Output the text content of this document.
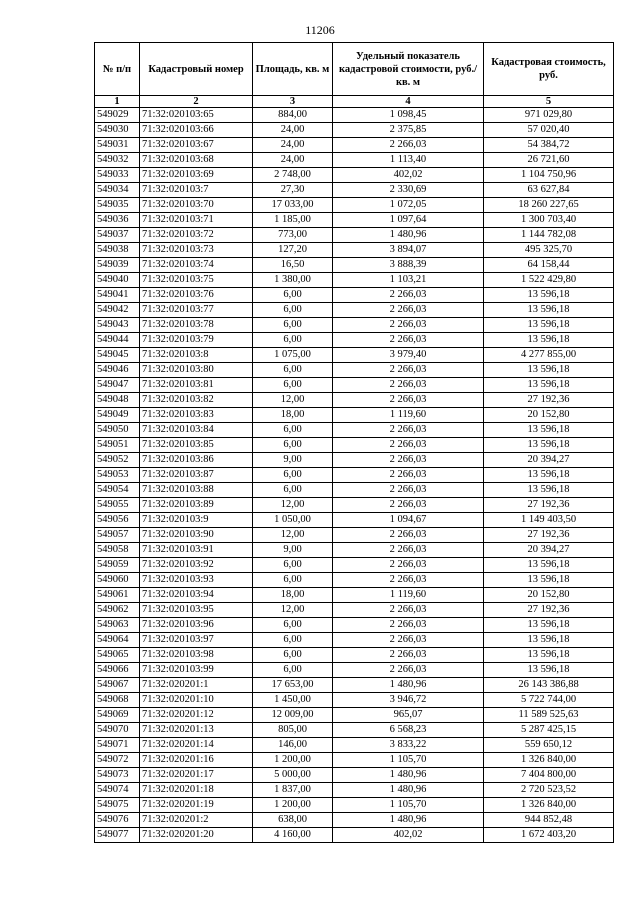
11206
№ п/п	Кадастровый номер	Площадь, кв. м	Удельный показатель кадастровой стоимости, руб./кв. м	Кадастровая стоимость, руб.
1	2	3	4	5
549029	71:32:020103:65	884,00	1 098,45	971 029,80
549030	71:32:020103:66	24,00	2 375,85	57 020,40
549031	71:32:020103:67	24,00	2 266,03	54 384,72
549032	71:32:020103:68	24,00	1 113,40	26 721,60
549033	71:32:020103:69	2 748,00	402,02	1 104 750,96
549034	71:32:020103:7	27,30	2 330,69	63 627,84
549035	71:32:020103:70	17 033,00	1 072,05	18 260 227,65
549036	71:32:020103:71	1 185,00	1 097,64	1 300 703,40
549037	71:32:020103:72	773,00	1 480,96	1 144 782,08
549038	71:32:020103:73	127,20	3 894,07	495 325,70
549039	71:32:020103:74	16,50	3 888,39	64 158,44
549040	71:32:020103:75	1 380,00	1 103,21	1 522 429,80
549041	71:32:020103:76	6,00	2 266,03	13 596,18
549042	71:32:020103:77	6,00	2 266,03	13 596,18
549043	71:32:020103:78	6,00	2 266,03	13 596,18
549044	71:32:020103:79	6,00	2 266,03	13 596,18
549045	71:32:020103:8	1 075,00	3 979,40	4 277 855,00
549046	71:32:020103:80	6,00	2 266,03	13 596,18
549047	71:32:020103:81	6,00	2 266,03	13 596,18
549048	71:32:020103:82	12,00	2 266,03	27 192,36
549049	71:32:020103:83	18,00	1 119,60	20 152,80
549050	71:32:020103:84	6,00	2 266,03	13 596,18
549051	71:32:020103:85	6,00	2 266,03	13 596,18
549052	71:32:020103:86	9,00	2 266,03	20 394,27
549053	71:32:020103:87	6,00	2 266,03	13 596,18
549054	71:32:020103:88	6,00	2 266,03	13 596,18
549055	71:32:020103:89	12,00	2 266,03	27 192,36
549056	71:32:020103:9	1 050,00	1 094,67	1 149 403,50
549057	71:32:020103:90	12,00	2 266,03	27 192,36
549058	71:32:020103:91	9,00	2 266,03	20 394,27
549059	71:32:020103:92	6,00	2 266,03	13 596,18
549060	71:32:020103:93	6,00	2 266,03	13 596,18
549061	71:32:020103:94	18,00	1 119,60	20 152,80
549062	71:32:020103:95	12,00	2 266,03	27 192,36
549063	71:32:020103:96	6,00	2 266,03	13 596,18
549064	71:32:020103:97	6,00	2 266,03	13 596,18
549065	71:32:020103:98	6,00	2 266,03	13 596,18
549066	71:32:020103:99	6,00	2 266,03	13 596,18
549067	71:32:020201:1	17 653,00	1 480,96	26 143 386,88
549068	71:32:020201:10	1 450,00	3 946,72	5 722 744,00
549069	71:32:020201:12	12 009,00	965,07	11 589 525,63
549070	71:32:020201:13	805,00	6 568,23	5 287 425,15
549071	71:32:020201:14	146,00	3 833,22	559 650,12
549072	71:32:020201:16	1 200,00	1 105,70	1 326 840,00
549073	71:32:020201:17	5 000,00	1 480,96	7 404 800,00
549074	71:32:020201:18	1 837,00	1 480,96	2 720 523,52
549075	71:32:020201:19	1 200,00	1 105,70	1 326 840,00
549076	71:32:020201:2	638,00	1 480,96	944 852,48
549077	71:32:020201:20	4 160,00	402,02	1 672 403,20
